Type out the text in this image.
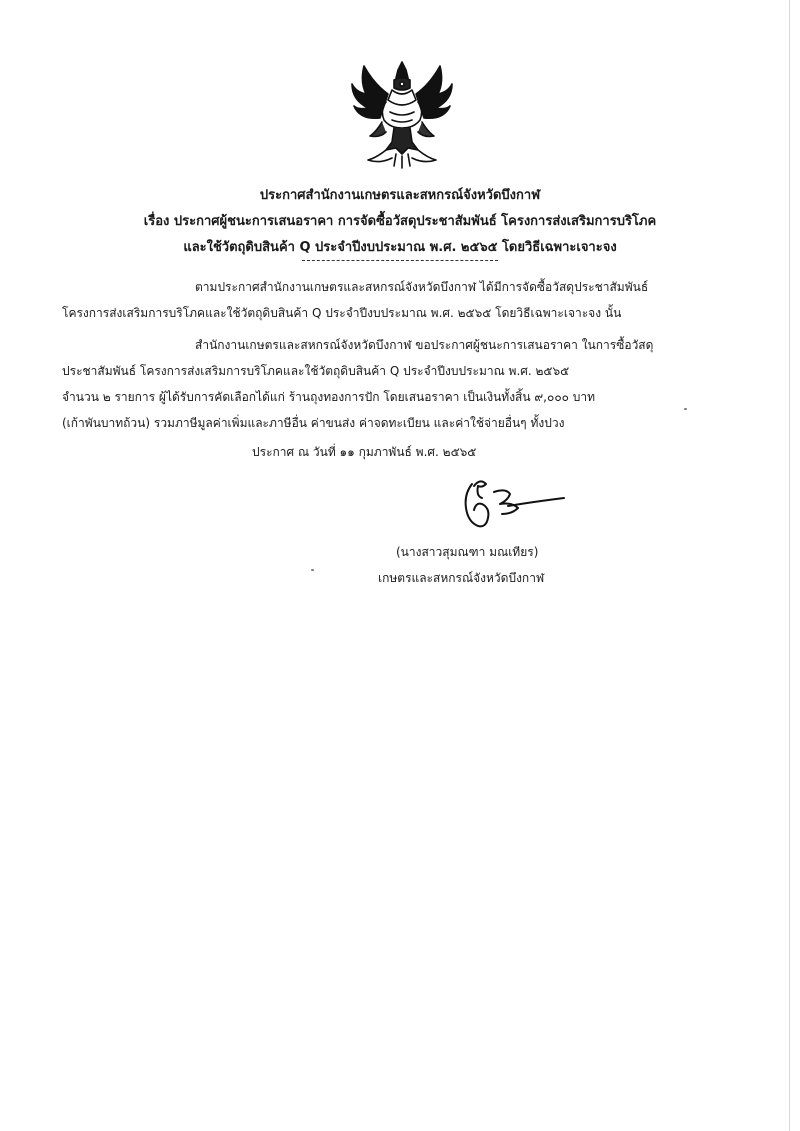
ประกาศสำนักงานเกษตรและสหกรณ์จังหวัดบึงกาฬ
เรื่อง ประกาศผู้ชนะการเสนอราคา การจัดซื้อวัสดุประชาสัมพันธ์ โครงการส่งเสริมการบริโภค
และใช้วัตถุดิบสินค้า Q ประจำปีงบประมาณ พ.ศ. ๒๕๖๕ โดยวิธีเฉพาะเจาะจง
ตามประกาศสำนักงานเกษตรและสหกรณ์จังหวัดบึงกาฬ ได้มีการจัดซื้อวัสดุประชาสัมพันธ์
โครงการส่งเสริมการบริโภคและใช้วัตถุดิบสินค้า Q ประจำปีงบประมาณ พ.ศ. ๒๕๖๕ โดยวิธีเฉพาะเจาะจง นั้น
สำนักงานเกษตรและสหกรณ์จังหวัดบึงกาฬ ขอประกาศผู้ชนะการเสนอราคา ในการซื้อวัสดุ
ประชาสัมพันธ์ โครงการส่งเสริมการบริโภคและใช้วัตถุดิบสินค้า Q ประจำปีงบประมาณ พ.ศ. ๒๕๖๕
จำนวน ๒ รายการ ผู้ได้รับการคัดเลือกได้แก่ ร้านถุงทองการปัก โดยเสนอราคา เป็นเงินทั้งสิ้น ๙,๐๐๐ บาท
(เก้าพันบาทถ้วน) รวมภาษีมูลค่าเพิ่มและภาษีอื่น ค่าขนส่ง ค่าจดทะเบียน และค่าใช้จ่ายอื่นๆ ทั้งปวง
ประกาศ ณ วันที่ ๑๑ กุมภาพันธ์ พ.ศ. ๒๕๖๕
(นางสาวสุมณฑา มณเทียร)
เกษตรและสหกรณ์จังหวัดบึงกาฬ
